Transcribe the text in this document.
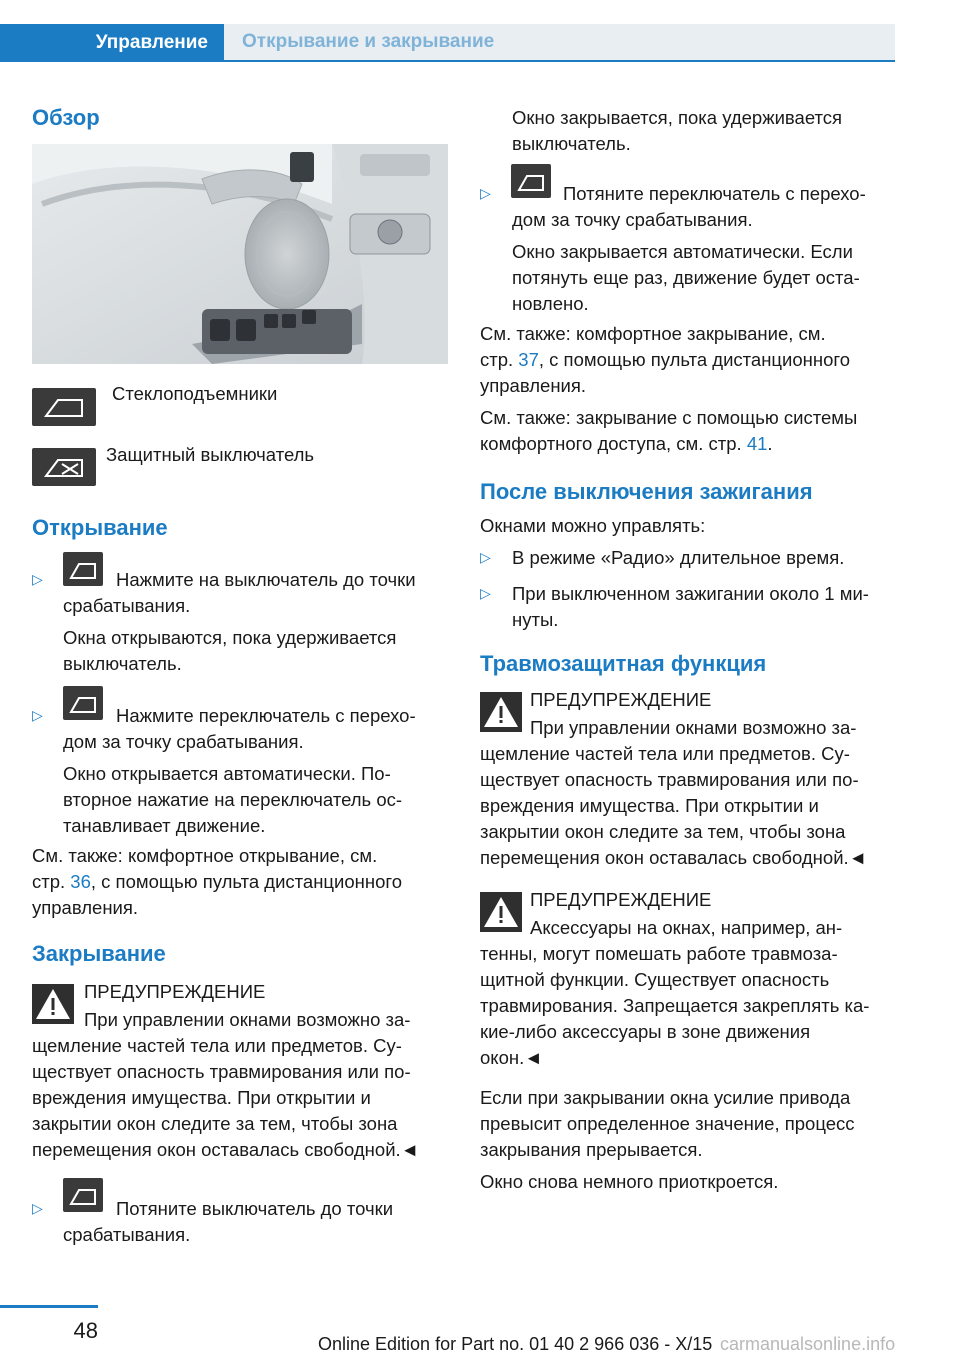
Управление	Открывание и закрывание
Обзор
Стеклоподъемники
Защитный выключатель
Открывание
▷	Нажмите на выключатель до точки
срабатывания.
Окна открываются, пока удерживается
выключатель.
▷	Нажмите переключатель с перехо-
дом за точку срабатывания.
Окно открывается автоматически. По-
вторное нажатие на переключатель ос-
танавливает движение.
См. также: комфортное открывание, см.
стр. 36, с помощью пульта дистанционного
управления.
Закрывание
ПРЕДУПРЕЖДЕНИЕ
При управлении окнами возможно за-
щемление частей тела или предметов. Су-
ществует опасность травмирования или по-
вреждения имущества. При открытии и
закрытии окон следите за тем, чтобы зона
перемещения окон оставалась свободной.◄
▷	Потяните выключатель до точки
срабатывания.
Окно закрывается, пока удерживается
выключатель.
▷	Потяните переключатель с перехо-
дом за точку срабатывания.
Окно закрывается автоматически. Если
потянуть еще раз, движение будет оста-
новлено.
См. также: комфортное закрывание, см.
стр. 37, с помощью пульта дистанционного
управления.
См. также: закрывание с помощью системы
комфортного доступа, см. стр. 41.
После выключения зажигания
Окнами можно управлять:
▷ В режиме «Радио» длительное время.
▷ При выключенном зажигании около 1 ми-
нуты.
Травмозащитная функция
ПРЕДУПРЕЖДЕНИЕ
При управлении окнами возможно за-
щемление частей тела или предметов. Су-
ществует опасность травмирования или по-
вреждения имущества. При открытии и
закрытии окон следите за тем, чтобы зона
перемещения окон оставалась свободной.◄
ПРЕДУПРЕЖДЕНИЕ
Аксессуары на окнах, например, ан-
тенны, могут помешать работе травмоза-
щитной функции. Существует опасность
травмирования. Запрещается закреплять ка-
кие-либо аксессуары в зоне движения
окон.◄
Если при закрывании окна усилие привода
превысит определенное значение, процесс
закрывания прерывается.
Окно снова немного приоткроется.
48
Online Edition for Part no. 01 40 2 966 036 - X/15 carmanualsonline.info
